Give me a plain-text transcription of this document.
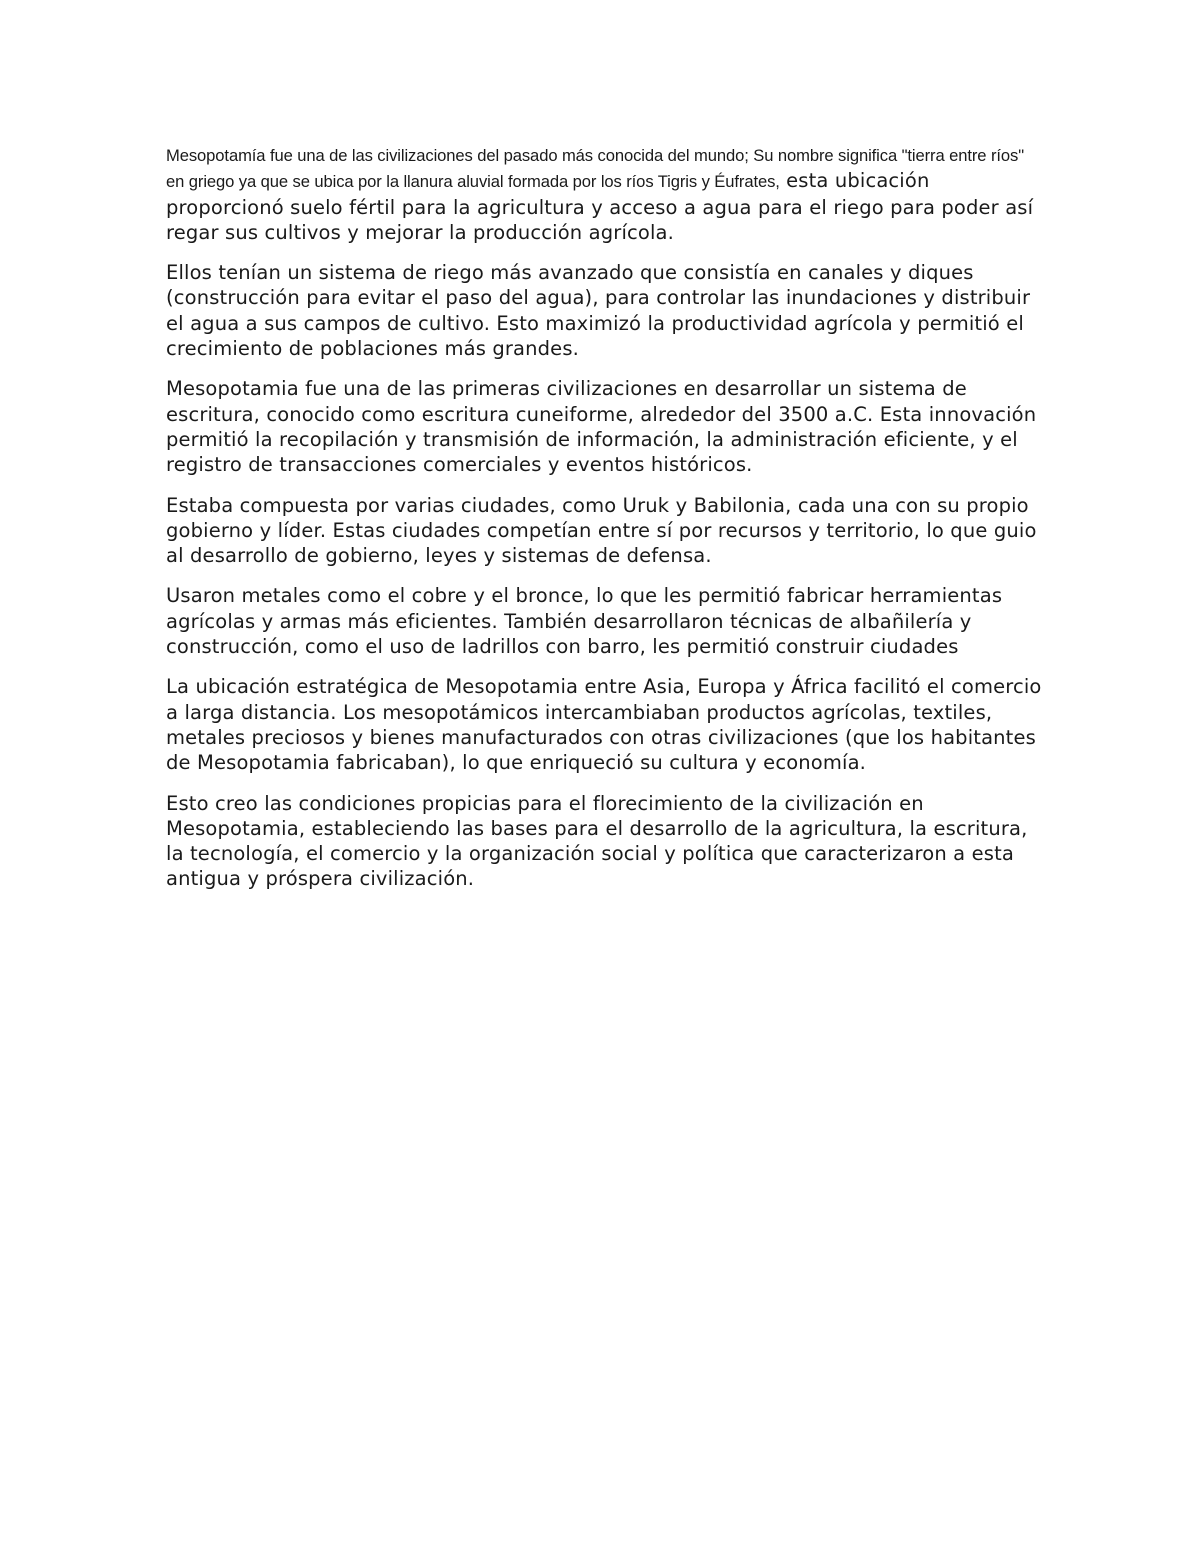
Mesopotamía fue una de las civilizaciones del pasado más conocida del mundo; Su nombre significa "tierra entre ríos" en griego ya que se ubica por la llanura aluvial formada por los ríos Tigris y Éufrates, esta ubicación proporcionó suelo fértil para la agricultura y acceso a agua para el riego para poder así regar sus cultivos y mejorar la producción agrícola.

Ellos tenían un sistema de riego más avanzado que consistía en canales y diques (construcción para evitar el paso del agua), para controlar las inundaciones y distribuir el agua a sus campos de cultivo. Esto maximizó la productividad agrícola y permitió el crecimiento de poblaciones más grandes.

Mesopotamia fue una de las primeras civilizaciones en desarrollar un sistema de escritura, conocido como escritura cuneiforme, alrededor del 3500 a.C. Esta innovación permitió la recopilación y transmisión de información, la administración eficiente, y el registro de transacciones comerciales y eventos históricos.

Estaba compuesta por varias ciudades, como Uruk y Babilonia, cada una con su propio gobierno y líder. Estas ciudades competían entre sí por recursos y territorio, lo que guio al desarrollo de gobierno, leyes y sistemas de defensa.

Usaron metales como el cobre y el bronce, lo que les permitió fabricar herramientas agrícolas y armas más eficientes. También desarrollaron técnicas de albañilería y construcción, como el uso de ladrillos con barro, les permitió construir ciudades

La ubicación estratégica de Mesopotamia entre Asia, Europa y África facilitó el comercio a larga distancia. Los mesopotámicos intercambiaban productos agrícolas, textiles, metales preciosos y bienes manufacturados con otras civilizaciones (que los habitantes de Mesopotamia fabricaban), lo que enriqueció su cultura y economía.

Esto creo las condiciones propicias para el florecimiento de la civilización en Mesopotamia, estableciendo las bases para el desarrollo de la agricultura, la escritura, la tecnología, el comercio y la organización social y política que caracterizaron a esta antigua y próspera civilización.
